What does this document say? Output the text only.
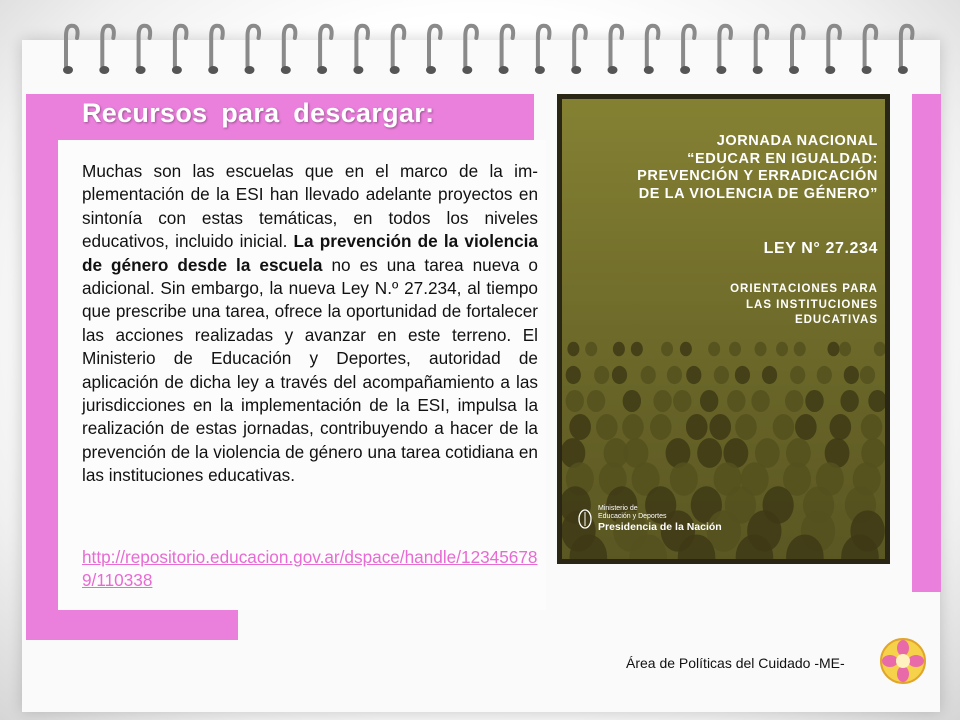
Recursos para descargar:
Muchas son las escuelas que en el marco de la im-plementación de la ESI han llevado adelante proyectos en sintonía con estas temáticas, en todos los niveles educativos, incluido inicial. La prevención de la violencia de género desde la escuela no es una tarea nueva o adicional. Sin embargo, la nueva Ley N.º 27.234, al tiempo que prescribe una tarea, ofrece la oportunidad de fortalecer las acciones realizadas y avanzar en este terreno. El Ministerio de Educación y Deportes, autoridad de aplicación de dicha ley a través del acompañamiento a las jurisdicciones en la implementación de la ESI, impulsa la realización de estas jornadas, contribuyendo a hacer de la prevención de la violencia de género una tarea cotidiana en las instituciones educativas.
http://repositorio.educacion.gov.ar/dspace/handle/123456789/110338
JORNADA NACIONAL
“EDUCAR EN IGUALDAD:
PREVENCIÓN Y ERRADICACIÓN
DE LA VIOLENCIA DE GÉNERO”
LEY N° 27.234
ORIENTACIONES PARA
LAS INSTITUCIONES
EDUCATIVAS
Ministerio de
Educación y Deportes
Presidencia de la Nación
Área de Políticas del Cuidado -ME-
